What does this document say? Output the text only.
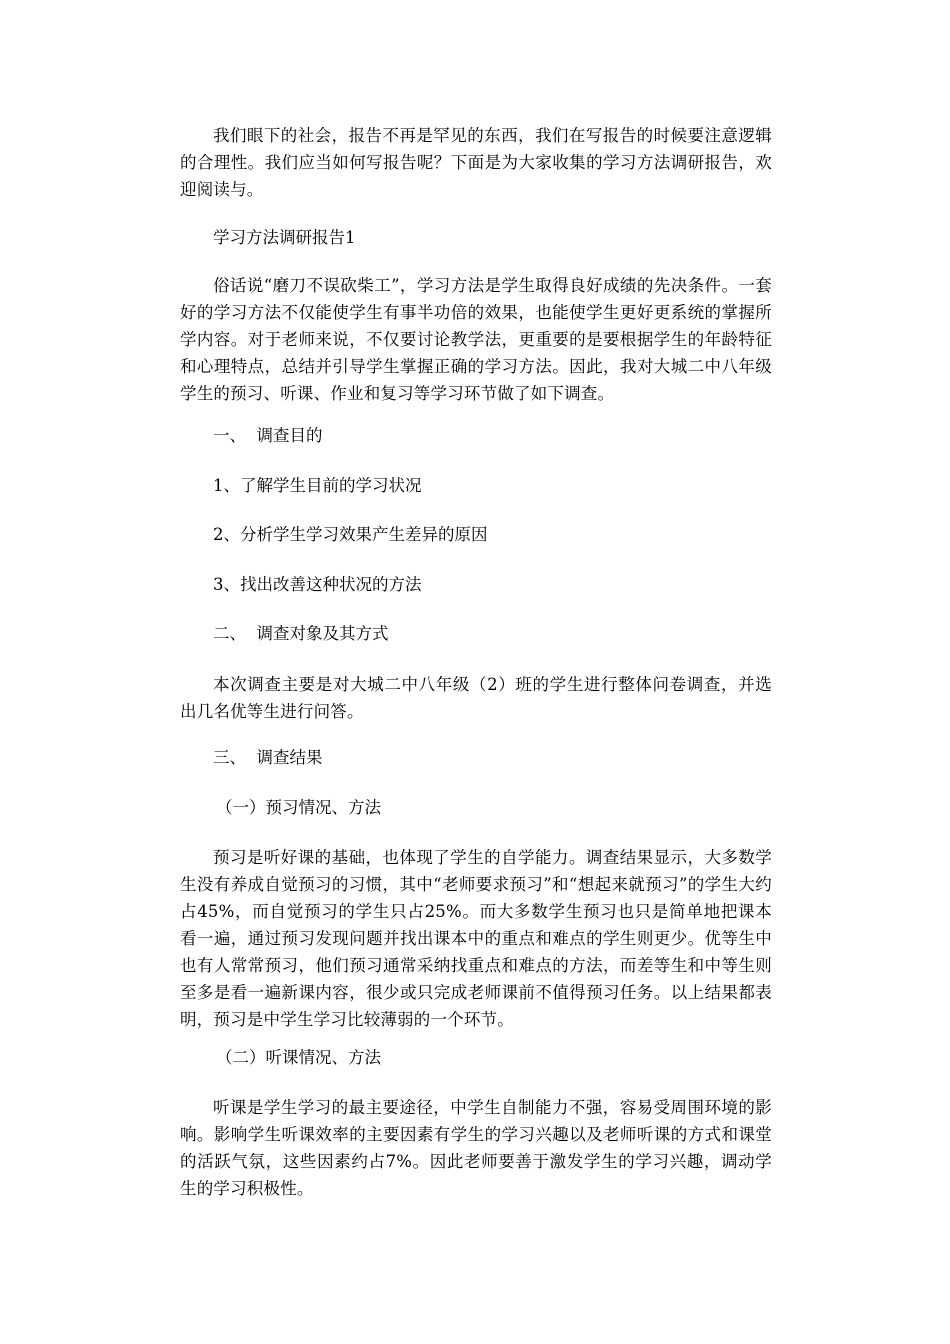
我们眼下的社会，报告不再是罕见的东西，我们在写报告的时候要注意逻辑的合理性。我们应当如何写报告呢？下面是为大家收集的学习方法调研报告，欢迎阅读与。

学习方法调研报告1

俗话说“磨刀不误砍柴工”，学习方法是学生取得良好成绩的先决条件。一套好的学习方法不仅能使学生有事半功倍的效果，也能使学生更好更系统的掌握所学内容。对于老师来说，不仅要讨论教学法，更重要的是要根据学生的年龄特征和心理特点，总结并引导学生掌握正确的学习方法。因此，我对大城二中八年级学生的预习、听课、作业和复习等学习环节做了如下调查。

一、  调查目的

1、了解学生目前的学习状况

2、分析学生学习效果产生差异的原因

3、找出改善这种状况的方法

二、  调查对象及其方式

本次调查主要是对大城二中八年级（2）班的学生进行整体问卷调查，并选出几名优等生进行问答。

三、  调查结果

（一）预习情况、方法

预习是听好课的基础，也体现了学生的自学能力。调查结果显示，大多数学生没有养成自觉预习的习惯，其中“老师要求预习”和“想起来就预习”的学生大约占45%，而自觉预习的学生只占25%。而大多数学生预习也只是简单地把课本看一遍，通过预习发现问题并找出课本中的重点和难点的学生则更少。优等生中也有人常常预习，他们预习通常采纳找重点和难点的方法，而差等生和中等生则至多是看一遍新课内容，很少或只完成老师课前不值得预习任务。以上结果都表明，预习是中学生学习比较薄弱的一个环节。

（二）听课情况、方法

听课是学生学习的最主要途径，中学生自制能力不强，容易受周围环境的影响。影响学生听课效率的主要因素有学生的学习兴趣以及老师听课的方式和课堂的活跃气氛，这些因素约占7%。因此老师要善于激发学生的学习兴趣，调动学生的学习积极性。
